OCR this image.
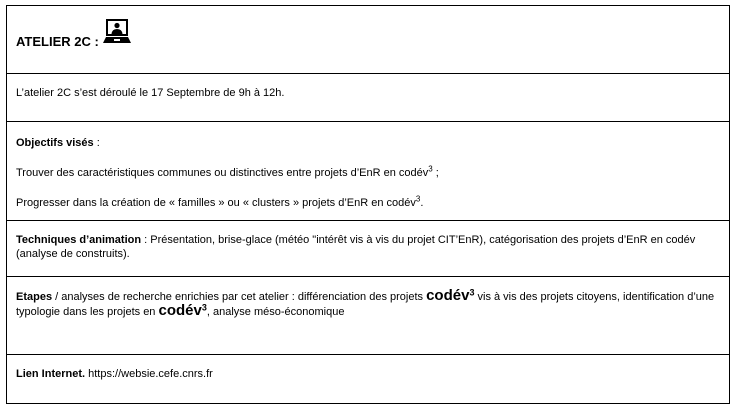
ATELIER 2C :
L’atelier 2C s’est déroulé le 17 Septembre de 9h à 12h.

Objectifs visés :

Trouver des caractéristiques communes ou distinctives entre projets d’EnR en codév$^3$ ;

Progresser dans la création de « familles » ou « clusters » projets d’EnR en codév$^3$.

Techniques d’animation : Présentation, brise-glace (météo "intérêt vis à vis du projet CIT’EnR), catégorisation des projets d’EnR en codév (analyse de construits).
Etapes / analyses de recherche enrichies par cet atelier : différenciation des projets codév$^3$ vis à vis des projets citoyens, identification d’une typologie dans les projets en codév$^3$, analyse méso-économique
Lien Internet. https://websie.cefe.cnrs.fr
